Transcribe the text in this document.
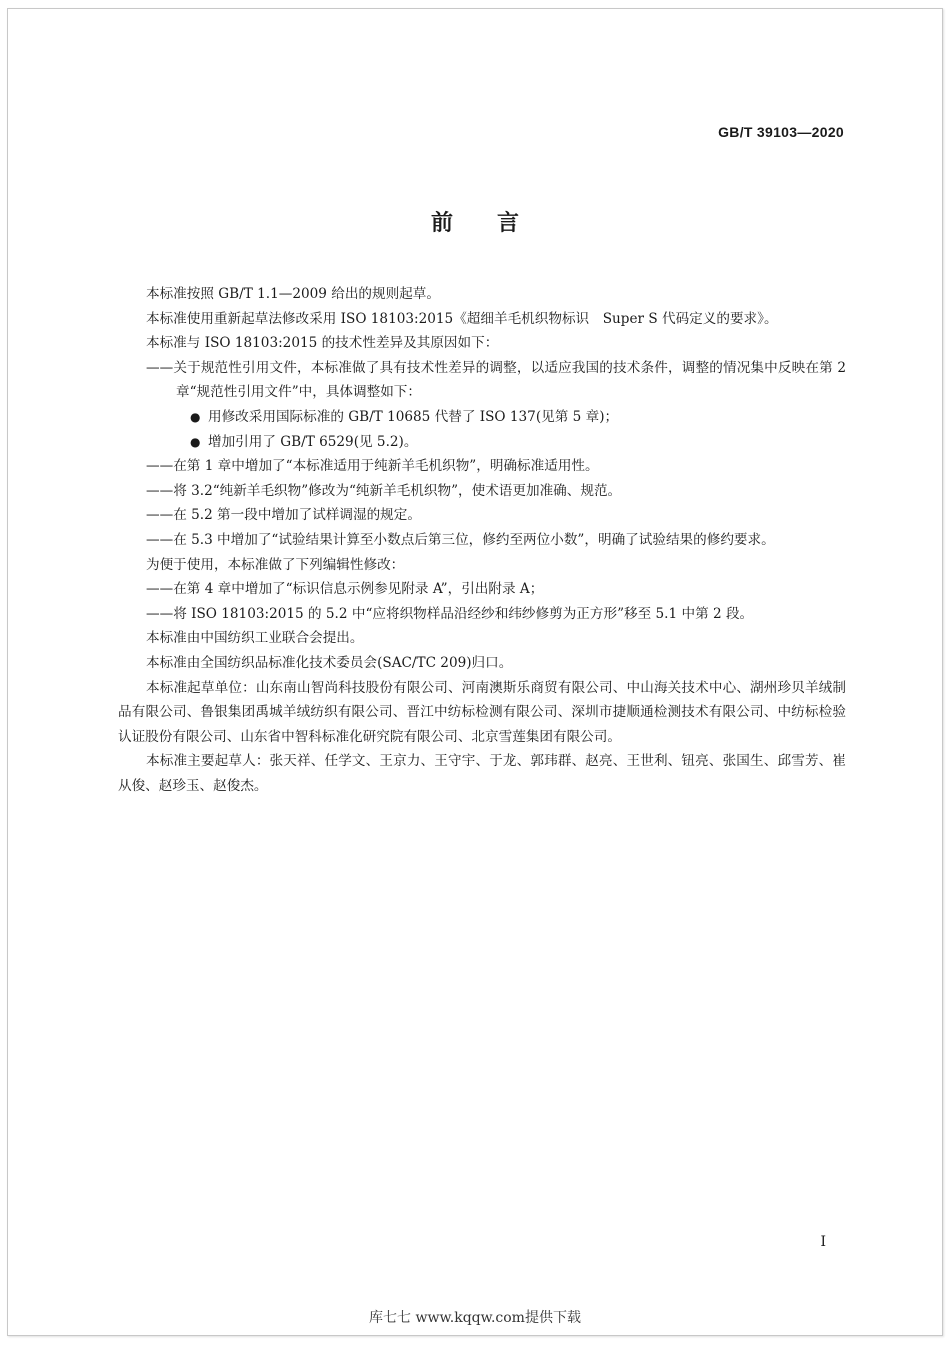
GB/T 39103—2020
前言

本标准按照 GB/T 1.1—2009 给出的规则起草。

本标准使用重新起草法修改采用 ISO 18103:2015《超细羊毛机织物标识　Super S 代码定义的要求》。

本标准与 ISO 18103:2015 的技术性差异及其原因如下：

——关于规范性引用文件，本标准做了具有技术性差异的调整，以适应我国的技术条件，调整的情况集中反映在第 2 章“规范性引用文件”中，具体调整如下：

● 用修改采用国际标准的 GB/T 10685 代替了 ISO 137(见第 5 章)；

● 增加引用了 GB/T 6529(见 5.2)。

——在第 1 章中增加了“本标准适用于纯新羊毛机织物”，明确标准适用性。

——将 3.2“纯新羊毛织物”修改为“纯新羊毛机织物”，使术语更加准确、规范。

——在 5.2 第一段中增加了试样调湿的规定。

——在 5.3 中增加了“试验结果计算至小数点后第三位，修约至两位小数”，明确了试验结果的修约要求。

为便于使用，本标准做了下列编辑性修改：

——在第 4 章中增加了“标识信息示例参见附录 A”，引出附录 A；

——将 ISO 18103:2015 的 5.2 中“应将织物样品沿经纱和纬纱修剪为正方形”移至 5.1 中第 2 段。

本标准由中国纺织工业联合会提出。

本标准由全国纺织品标准化技术委员会(SAC/TC 209)归口。

本标准起草单位：山东南山智尚科技股份有限公司、河南澳斯乐商贸有限公司、中山海关技术中心、湖州珍贝羊绒制品有限公司、鲁银集团禹城羊绒纺织有限公司、晋江中纺标检测有限公司、深圳市捷顺通检测技术有限公司、中纺标检验认证股份有限公司、山东省中智科标准化研究院有限公司、北京雪莲集团有限公司。

本标准主要起草人：张天祥、任学文、王京力、王守宇、于龙、郭玮群、赵亮、王世利、钮亮、张国生、邱雪芳、崔从俊、赵珍玉、赵俊杰。

I
库七七 www.kqqw.com提供下载
